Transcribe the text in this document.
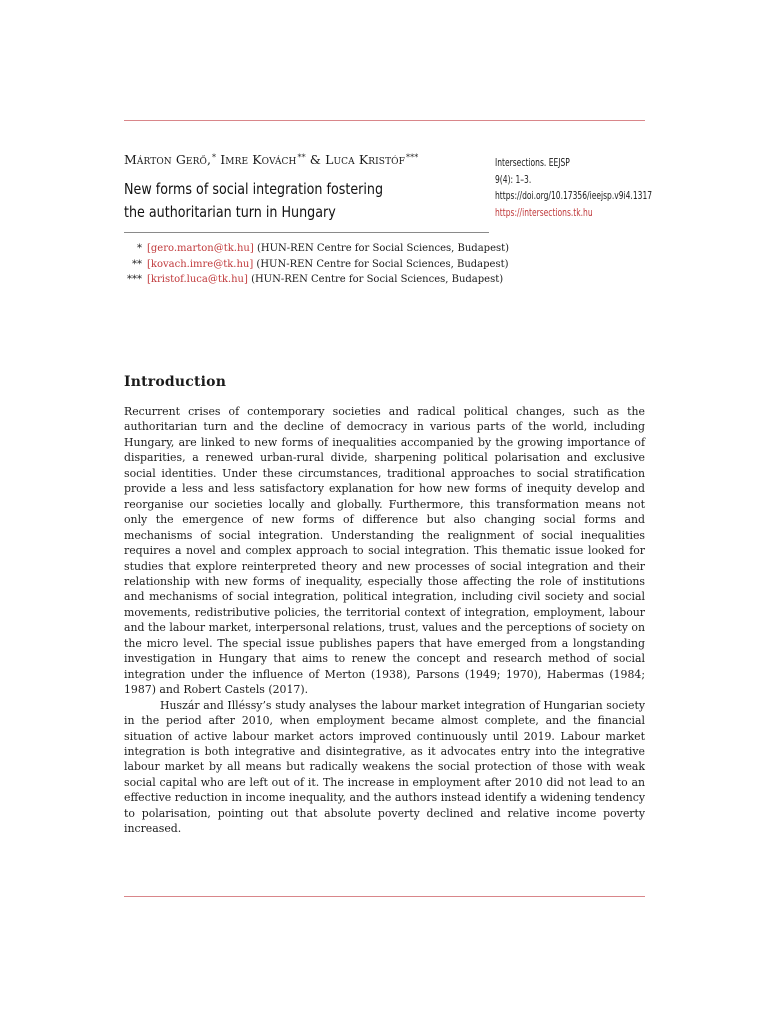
Márton Gerő,* Imre Kovách** & Luca Kristóf***
New forms of social integration fostering
the authoritarian turn in Hungary
Intersections. EEJSP
9(4): 1–3.
https://doi.org/10.17356/ieejsp.v9i4.1317
https://intersections.tk.hu
* [gero.marton@tk.hu] (HUN-REN Centre for Social Sciences, Budapest)
** [kovach.imre@tk.hu] (HUN-REN Centre for Social Sciences, Budapest)
*** [kristof.luca@tk.hu] (HUN-REN Centre for Social Sciences, Budapest)
Introduction

Recurrent crises of contemporary societies and radical political changes, such as the authoritarian turn and the decline of democracy in various parts of the world, including Hungary, are linked to new forms of inequalities accompanied by the growing importance of disparities, a renewed urban-rural divide, sharpening political polarisation and exclusive social identities. Under these circumstances, traditional approaches to social stratification provide a less and less satisfactory explanation for how new forms of inequity develop and reorganise our societies locally and globally. Furthermore, this transformation means not only the emergence of new forms of difference but also changing social forms and mechanisms of social integration. Understanding the realignment of social inequalities requires a novel and complex approach to social integration. This thematic issue looked for studies that explore reinterpreted theory and new processes of social integration and their relationship with new forms of inequality, especially those affecting the role of institutions and mechanisms of social integration, political integration, including civil society and social movements, redistributive policies, the territorial context of integration, employment, labour and the labour market, interpersonal relations, trust, values and the perceptions of society on the micro level. The special issue publishes papers that have emerged from a longstanding investigation in Hungary that aims to renew the concept and research method of social integration under the influence of Merton (1938), Parsons (1949; 1970), Habermas (1984; 1987) and Robert Castels (2017).

Huszár and Illéssy’s study analyses the labour market integration of Hungarian society in the period after 2010, when employment became almost complete, and the financial situation of active labour market actors improved continuously until 2019. Labour market integration is both integrative and disintegrative, as it advocates entry into the integrative labour market by all means but radically weakens the social protection of those with weak social capital who are left out of it. The increase in employment after 2010 did not lead to an effective reduction in income inequality, and the authors instead identify a widening tendency to polarisation, pointing out that absolute poverty declined and relative income poverty increased.
